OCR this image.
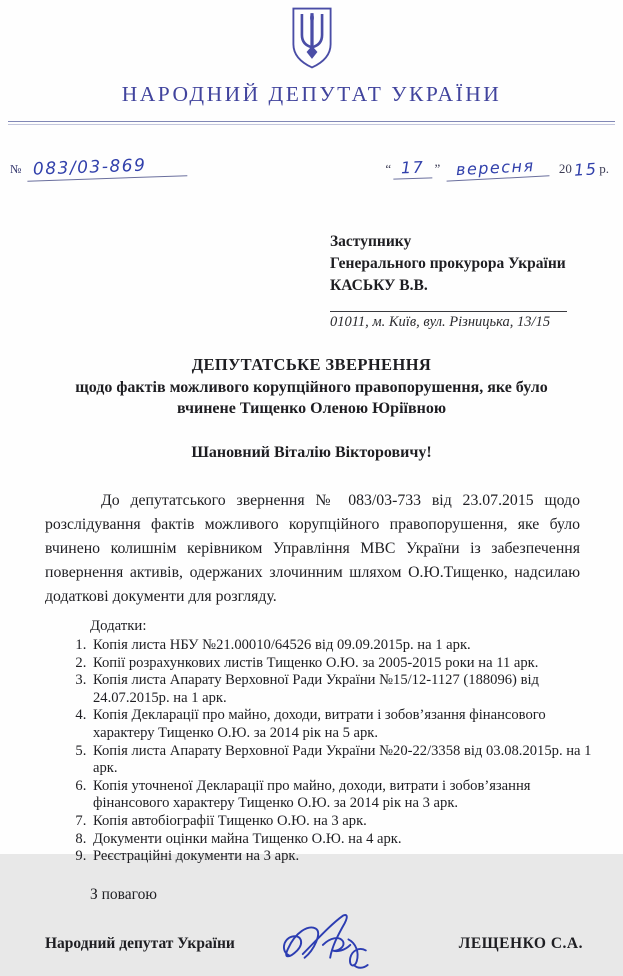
НАРОДНИЙ ДЕПУТАТ УКРАЇНИ
№ 083/03-869	“ 17 ” вересня	20 15 р.
Заступнику
Генерального прокурора України
КАСЬКУ В.В.
01011, м. Київ, вул. Різницька, 13/15
ДЕПУТАТСЬКЕ ЗВЕРНЕННЯ
щодо фактів можливого корупційного правопорушення, яке було вчинене Тищенко Оленою Юріївною
Шановний Віталію Вікторовичу!
До депутатського звернення № 083/03-733 від 23.07.2015 щодо розслідування фактів можливого корупційного правопорушення, яке було вчинено колишнім керівником Управління МВС України із забезпечення повернення активів, одержаних злочинним шляхом О.Ю.Тищенко, надсилаю додаткові документи для розгляду.
Додатки:
1. Копія листа НБУ №21.00010/64526 від 09.09.2015р. на 1 арк.
2. Копії розрахункових листів Тищенко О.Ю. за 2005-2015 роки на 11 арк.
3. Копія листа Апарату Верховної Ради України №15/12-1127 (188096) від 24.07.2015р. на 1 арк.
4. Копія Декларації про майно, доходи, витрати і зобов’язання фінансового характеру Тищенко О.Ю. за 2014 рік на 5 арк.
5. Копія листа Апарату Верховної Ради України №20-22/3358 від 03.08.2015р. на 1 арк.
6. Копія уточненої Декларації про майно, доходи, витрати і зобов’язання фінансового характеру Тищенко О.Ю. за 2014 рік на 3 арк.
7. Копія автобіографії Тищенко О.Ю. на 3 арк.
8. Документи оцінки майна Тищенко О.Ю. на 4 арк.
9. Реєстраційні документи на 3 арк.
З повагою
Народний депутат України	ЛЕЩЕНКО С.А.
